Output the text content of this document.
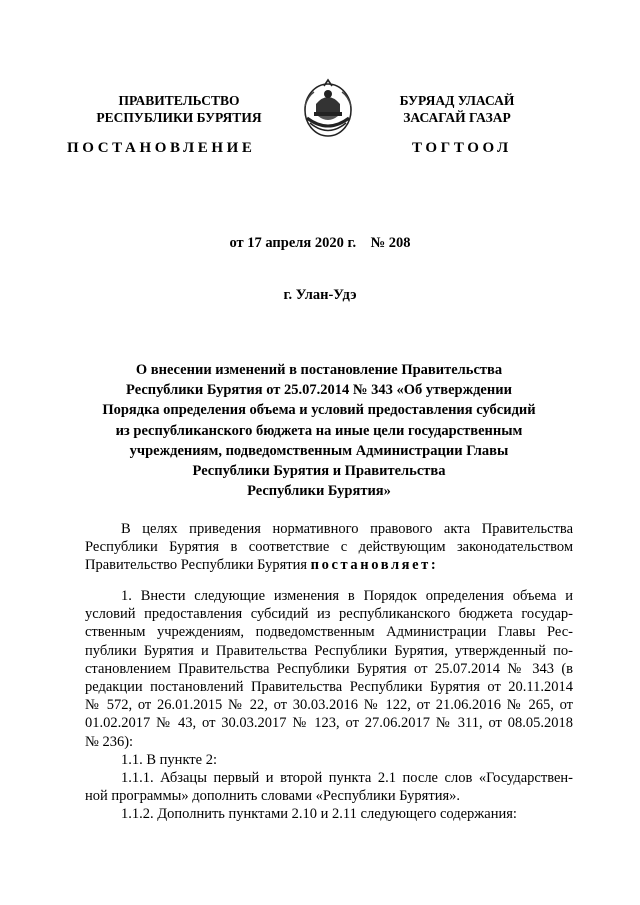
ПРАВИТЕЛЬСТВО
РЕСПУБЛИКИ БУРЯТИЯ
БУРЯАД УЛАСАЙ
ЗАСАГАЙ ГАЗАР
ПОСТАНОВЛЕНИЕ	ТОГТООЛ
от 17 апреля 2020 г.    № 208
г. Улан-Удэ
О внесении изменений в постановление Правительства
Республики Бурятия от 25.07.2014 № 343 «Об утверждении
Порядка определения объема и условий предоставления субсидий
из республиканского бюджета на иные цели государственным
учреждениям, подведомственным Администрации Главы
Республики Бурятия и Правительства
Республики Бурятия»
В целях приведения нормативного правового акта Правительства
Республики Бурятия в соответствие с действующим законодательством
Правительство Республики Бурятия постановляет:
1. Внести следующие изменения в Порядок определения объема и
условий предоставления субсидий из республиканского бюджета государ-
ственным учреждениям, подведомственным Администрации Главы Рес-
публики Бурятия и Правительства Республики Бурятия, утвержденный по-
становлением Правительства Республики Бурятия от 25.07.2014 № 343 (в
редакции постановлений Правительства Республики Бурятия от 20.11.2014
№ 572, от 26.01.2015 № 22, от 30.03.2016 № 122, от 21.06.2016 № 265, от
01.02.2017 № 43, от 30.03.2017 № 123, от 27.06.2017 № 311, от 08.05.2018
№ 236):
1.1. В пункте 2:
1.1.1. Абзацы первый и второй пункта 2.1 после слов «Государствен-
ной программы» дополнить словами «Республики Бурятия».
1.1.2. Дополнить пунктами 2.10 и 2.11 следующего содержания:
